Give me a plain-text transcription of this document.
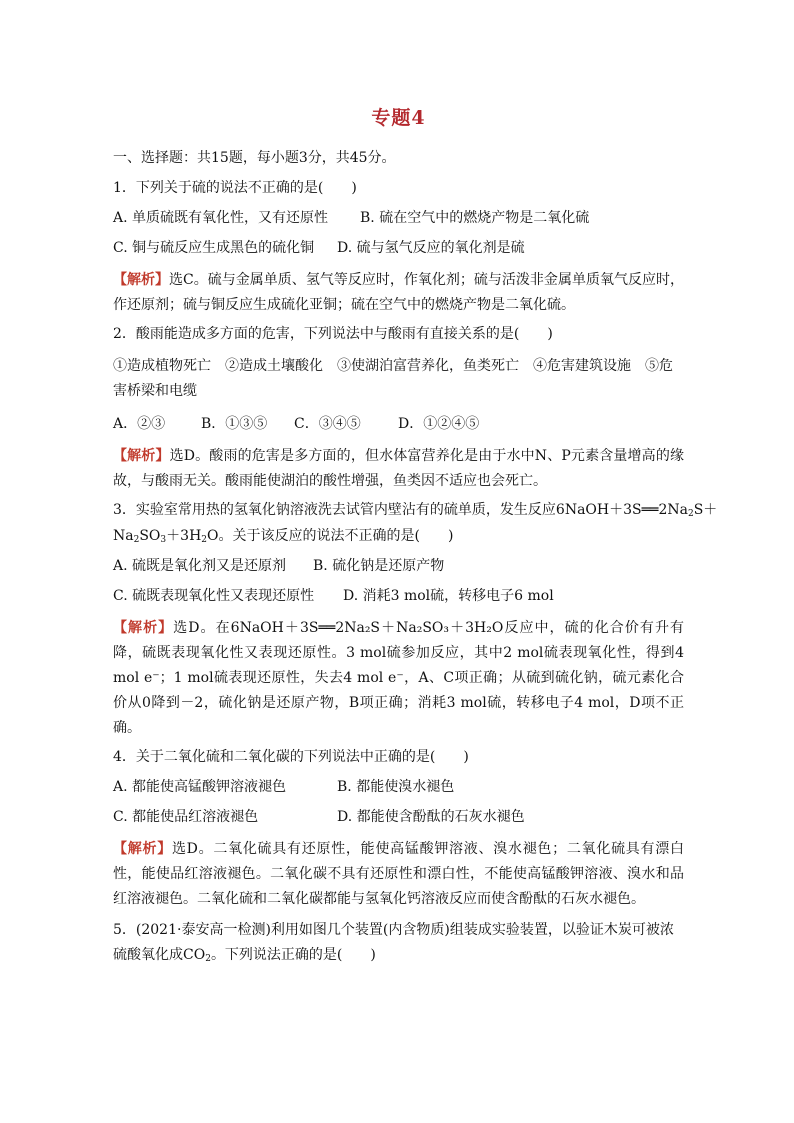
专题4
一、选择题：共15题，每小题3分，共45分。
1．下列关于硫的说法不正确的是(　　)
A. 单质硫既有氧化性，又有还原性	B. 硫在空气中的燃烧产物是二氧化硫
C. 铜与硫反应生成黑色的硫化铜	D. 硫与氢气反应的氧化剂是硫
【解析】选C。硫与金属单质、氢气等反应时，作氧化剂；硫与活泼非金属单质氧气反应时，作还原剂；硫与铜反应生成硫化亚铜；硫在空气中的燃烧产物是二氧化硫。
2．酸雨能造成多方面的危害，下列说法中与酸雨有直接关系的是(　　)
①造成植物死亡　②造成土壤酸化　③使湖泊富营养化，鱼类死亡　④危害建筑设施　⑤危害桥梁和电缆
A．②③	B．①③⑤ C．③④⑤	D．①②④⑤
【解析】选D。酸雨的危害是多方面的，但水体富营养化是由于水中N、P元素含量增高的缘故，与酸雨无关。酸雨能使湖泊的酸性增强，鱼类因不适应也会死亡。
3．实验室常用热的氢氧化钠溶液洗去试管内壁沾有的硫单质，发生反应$6NaOH+3S══2Na_2S+$
$Na_2SO_3+3H_2O$。关于该反应的说法不正确的是(　　)
A. 硫既是氧化剂又是还原剂	B. 硫化钠是还原产物
C. 硫既表现氧化性又表现还原性	D. 消耗3 mol硫，转移电子6 mol
【解析】选D。在6NaOH＋3S══2Na₂S＋Na₂SO₃＋3H₂O反应中，硫的化合价有升有降，硫既表现氧化性又表现还原性。3 mol硫参加反应，其中2 mol硫表现氧化性，得到4 mol e⁻；1 mol硫表现还原性，失去4 mol e⁻，A、C项正确；从硫到硫化钠，硫元素化合价从0降到－2，硫化钠是还原产物，B项正确；消耗3 mol硫，转移电子4 mol，D项不正确。
4．关于二氧化硫和二氧化碳的下列说法中正确的是(　　)
A. 都能使高锰酸钾溶液褪色	B. 都能使溴水褪色
C. 都能使品红溶液褪色	D. 都能使含酚酞的石灰水褪色
【解析】选D。二氧化硫具有还原性，能使高锰酸钾溶液、溴水褪色；二氧化硫具有漂白性，能使品红溶液褪色。二氧化碳不具有还原性和漂白性，不能使高锰酸钾溶液、溴水和品红溶液褪色。二氧化硫和二氧化碳都能与氢氧化钙溶液反应而使含酚酞的石灰水褪色。
5．(2021·泰安高一检测)利用如图几个装置(内含物质)组装成实验装置，以验证木炭可被浓硫酸氧化成$CO_2$。下列说法正确的是(　　)
